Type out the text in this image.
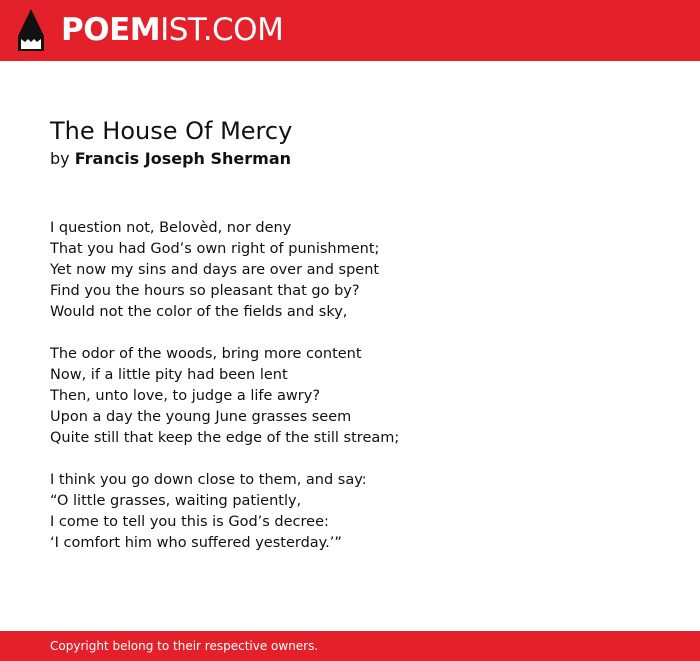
POEMIST.COM
The House Of Mercy
by Francis Joseph Sherman
I question not, Belovèd, nor deny
That you had God’s own right of punishment;
Yet now my sins and days are over and spent
Find you the hours so pleasant that go by?
Would not the color of the fields and sky,
The odor of the woods, bring more content
Now, if a little pity had been lent
Then, unto love, to judge a life awry?
Upon a day the young June grasses seem
Quite still that keep the edge of the still stream;
I think you go down close to them, and say:
“O little grasses, waiting patiently,
I come to tell you this is God’s decree:
‘I comfort him who suffered yesterday.’”
Copyright belong to their respective owners.
